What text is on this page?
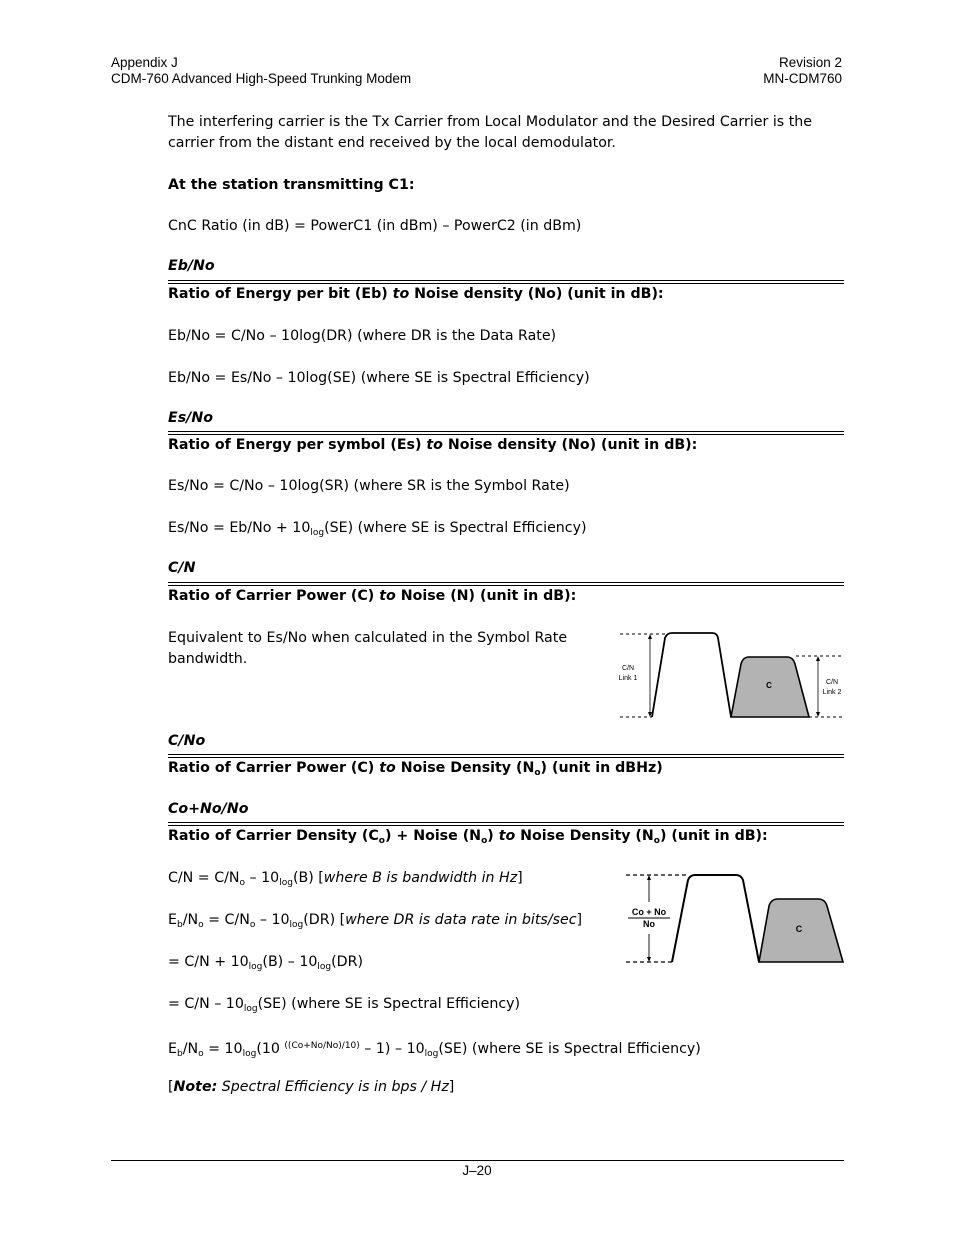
Appendix J
CDM-760 Advanced High-Speed Trunking Modem
Revision 2
MN-CDM760
The interfering carrier is the Tx Carrier from Local Modulator and the Desired Carrier is the carrier from the distant end received by the local demodulator.
At the station transmitting C1:
CnC Ratio (in dB) = PowerC1 (in dBm) – PowerC2 (in dBm)
Eb/No
Ratio of Energy per bit (Eb) to Noise density (No) (unit in dB):
Eb/No = C/No – 10log(DR) (where DR is the Data Rate)
Eb/No = Es/No – 10log(SE) (where SE is Spectral Efficiency)
Es/No
Ratio of Energy per symbol (Es) to Noise density (No) (unit in dB):
Es/No = C/No – 10log(SR) (where SR is the Symbol Rate)
$Es/No = Eb/No + 10_{log}(SE)$ (where SE is Spectral Efficiency)
C/N
Ratio of Carrier Power (C) to Noise (N) (unit in dB):
Equivalent to Es/No when calculated in the Symbol Rate bandwidth.
C/N
Link 1
C	C/N
Link 2
C/No
Ratio of Carrier Power (C) to Noise Density $(N_o)$ (unit in dBHz)
Co+No/No
Ratio of Carrier Density $(C_o)$ + Noise $(N_o)$ to Noise Density $(N_o)$ (unit in dB):
$C/N = C/N_o - 10_{log}(B)$ [where B is bandwidth in Hz]
$E_b/N_o = C/N_o - 10_{log}(DR)$ [where DR is data rate in bits/sec]
= $C/N + 10_{log}(B) - 10_{log}(DR)$
= $C/N - 10_{log}(SE)$ (where SE is Spectral Efficiency)
$E_b/N_o = 10_{log}(10$ $^{((Co+No/No)/10)} - 1) - 10_{log}(SE)$ (where SE is Spectral Efficiency)
[Note: Spectral Efficiency is in bps / Hz]
Co + No
No	C
J–20
